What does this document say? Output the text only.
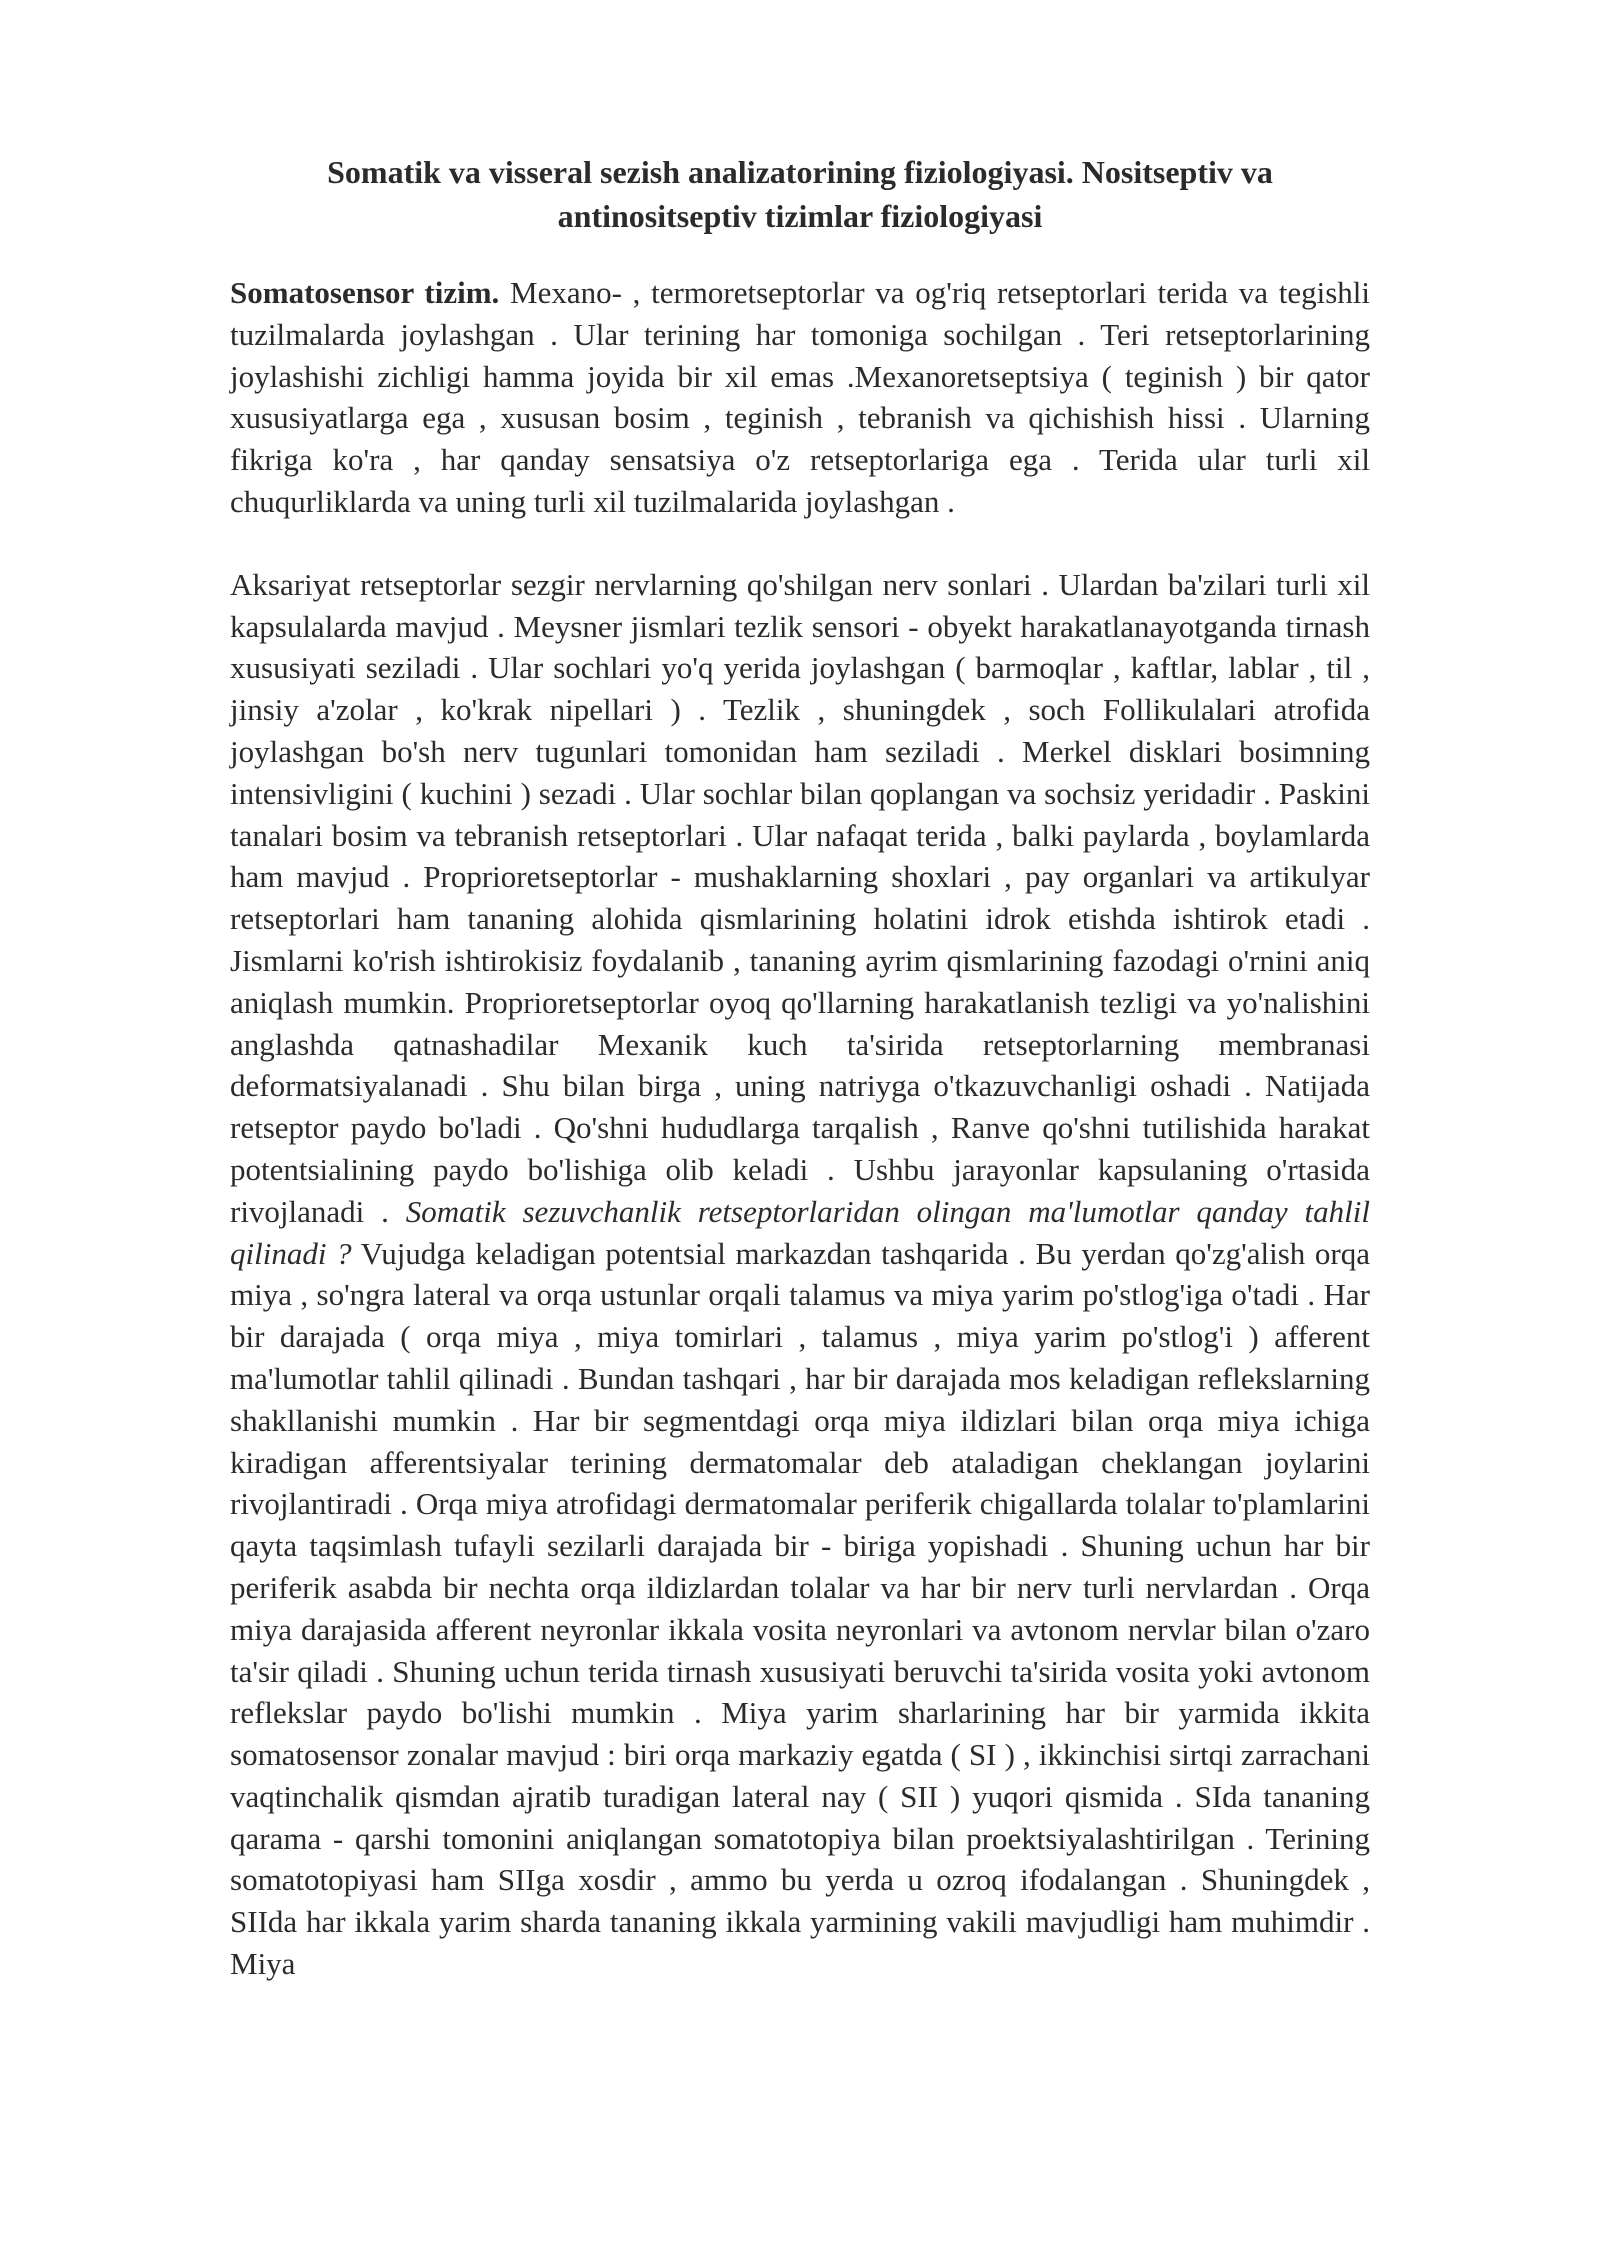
Somatik va visseral sezish analizatorining fiziologiyasi. Nositseptiv va
antinositseptiv tizimlar fiziologiyasi

Somatosensor tizim. Mexano- , termoretseptorlar va og'riq retseptorlari terida va tegishli tuzilmalarda joylashgan . Ular terining har tomoniga sochilgan . Teri retseptorlarining joylashishi zichligi hamma joyida bir xil emas .Mexanoretseptsiya ( teginish ) bir qator xususiyatlarga ega , xususan bosim , teginish , tebranish va qichishish hissi . Ularning fikriga ko'ra , har qanday sensatsiya o'z retseptorlariga ega . Terida ular turli xil chuqurliklarda va uning turli xil tuzilmalarida joylashgan .

Aksariyat retseptorlar sezgir nervlarning qo'shilgan nerv sonlari . Ulardan ba'zilari turli xil kapsulalarda mavjud . Meysner jismlari tezlik sensori - obyekt harakatlanayotganda tirnash xususiyati seziladi . Ular sochlari yo'q yerida joylashgan ( barmoqlar , kaftlar, lablar , til , jinsiy a'zolar , ko'krak nipellari ) . Tezlik , shuningdek , soch Follikulalari atrofida joylashgan bo'sh nerv tugunlari tomonidan ham seziladi . Merkel disklari bosimning intensivligini ( kuchini ) sezadi . Ular sochlar bilan qoplangan va sochsiz yeridadir . Paskini tanalari bosim va tebranish retseptorlari . Ular nafaqat terida , balki paylarda , boylamlarda ham mavjud . Proprioretseptorlar - mushaklarning shoxlari , pay organlari va artikulyar retseptorlari ham tananing alohida qismlarining holatini idrok etishda ishtirok etadi . Jismlarni ko'rish ishtirokisiz foydalanib , tananing ayrim qismlarining fazodagi o'rnini aniq aniqlash mumkin. Proprioretseptorlar oyoq qo'llarning harakatlanish tezligi va yo'nalishini anglashda qatnashadilar Mexanik kuch ta'sirida retseptorlarning membranasi deformatsiyalanadi . Shu bilan birga , uning natriyga o'tkazuvchanligi oshadi . Natijada retseptor paydo bo'ladi . Qo'shni hududlarga tarqalish , Ranve qo'shni tutilishida harakat potentsialining paydo bo'lishiga olib keladi . Ushbu jarayonlar kapsulaning o'rtasida rivojlanadi . Somatik sezuvchanlik retseptorlaridan olingan ma'lumotlar qanday tahlil qilinadi ? Vujudga keladigan potentsial markazdan tashqarida . Bu yerdan qo'zg'alish orqa miya , so'ngra lateral va orqa ustunlar orqali talamus va miya yarim po'stlog'iga o'tadi . Har bir darajada ( orqa miya , miya tomirlari , talamus , miya yarim po'stlog'i ) afferent ma'lumotlar tahlil qilinadi . Bundan tashqari , har bir darajada mos keladigan reflekslarning shakllanishi mumkin . Har bir segmentdagi orqa miya ildizlari bilan orqa miya ichiga kiradigan afferentsiyalar terining dermatomalar deb ataladigan cheklangan joylarini rivojlantiradi . Orqa miya atrofidagi dermatomalar periferik chigallarda tolalar to'plamlarini qayta taqsimlash tufayli sezilarli darajada bir - biriga yopishadi . Shuning uchun har bir periferik asabda bir nechta orqa ildizlardan tolalar va har bir nerv turli nervlardan . Orqa miya darajasida afferent neyronlar ikkala vosita neyronlari va avtonom nervlar bilan o'zaro ta'sir qiladi . Shuning uchun terida tirnash xususiyati beruvchi ta'sirida vosita yoki avtonom reflekslar paydo bo'lishi mumkin . Miya yarim sharlarining har bir yarmida ikkita somatosensor zonalar mavjud : biri orqa markaziy egatda ( SI ) , ikkinchisi sirtqi zarrachani vaqtinchalik qismdan ajratib turadigan lateral nay ( SII ) yuqori qismida . SIda tananing qarama - qarshi tomonini aniqlangan somatotopiya bilan proektsiyalashtirilgan . Terining somatotopiyasi ham SIIga xosdir , ammo bu yerda u ozroq ifodalangan . Shuningdek , SIIda har ikkala yarim sharda tananing ikkala yarmining vakili mavjudligi ham muhimdir . Miya
